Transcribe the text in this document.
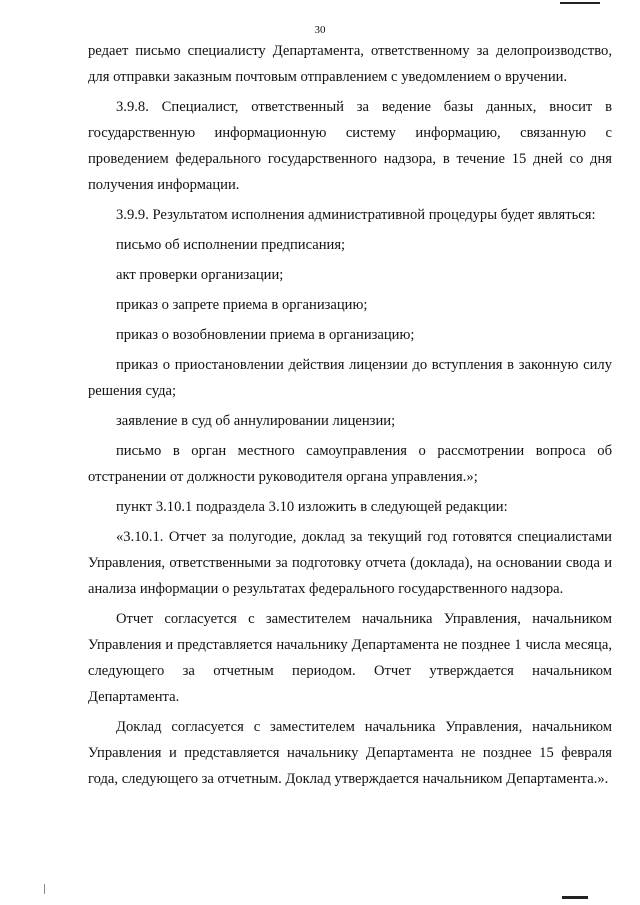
30

редает письмо специалисту Департамента, ответственному за делопроизводство, для отправки заказным почтовым отправлением с уведомлением о вручении.

3.9.8. Специалист, ответственный за ведение базы данных, вносит в государственную информационную систему информацию, связанную с проведением федерального государственного надзора, в течение 15 дней со дня получения информации.

3.9.9. Результатом исполнения административной процедуры будет являться:

письмо об исполнении предписания;

акт проверки организации;

приказ о запрете приема в организацию;

приказ о возобновлении приема в организацию;

приказ о приостановлении действия лицензии до вступления в законную силу решения суда;

заявление в суд об аннулировании лицензии;

письмо в орган местного самоуправления о рассмотрении вопроса об отстранении от должности руководителя органа управления.»;

пункт 3.10.1 подраздела 3.10 изложить в следующей редакции:

«3.10.1. Отчет за полугодие, доклад за текущий год готовятся специалистами Управления, ответственными за подготовку отчета (доклада), на основании свода и анализа информации о результатах федерального государственного надзора.

Отчет согласуется с заместителем начальника Управления, начальником Управления и представляется начальнику Департамента не позднее 1 числа месяца, следующего за отчетным периодом. Отчет утверждается начальником Департамента.

Доклад согласуется с заместителем начальника Управления, начальником Управления и представляется начальнику Департамента не позднее 15 февраля года, следующего за отчетным. Доклад утверждается начальником Департамента.».
